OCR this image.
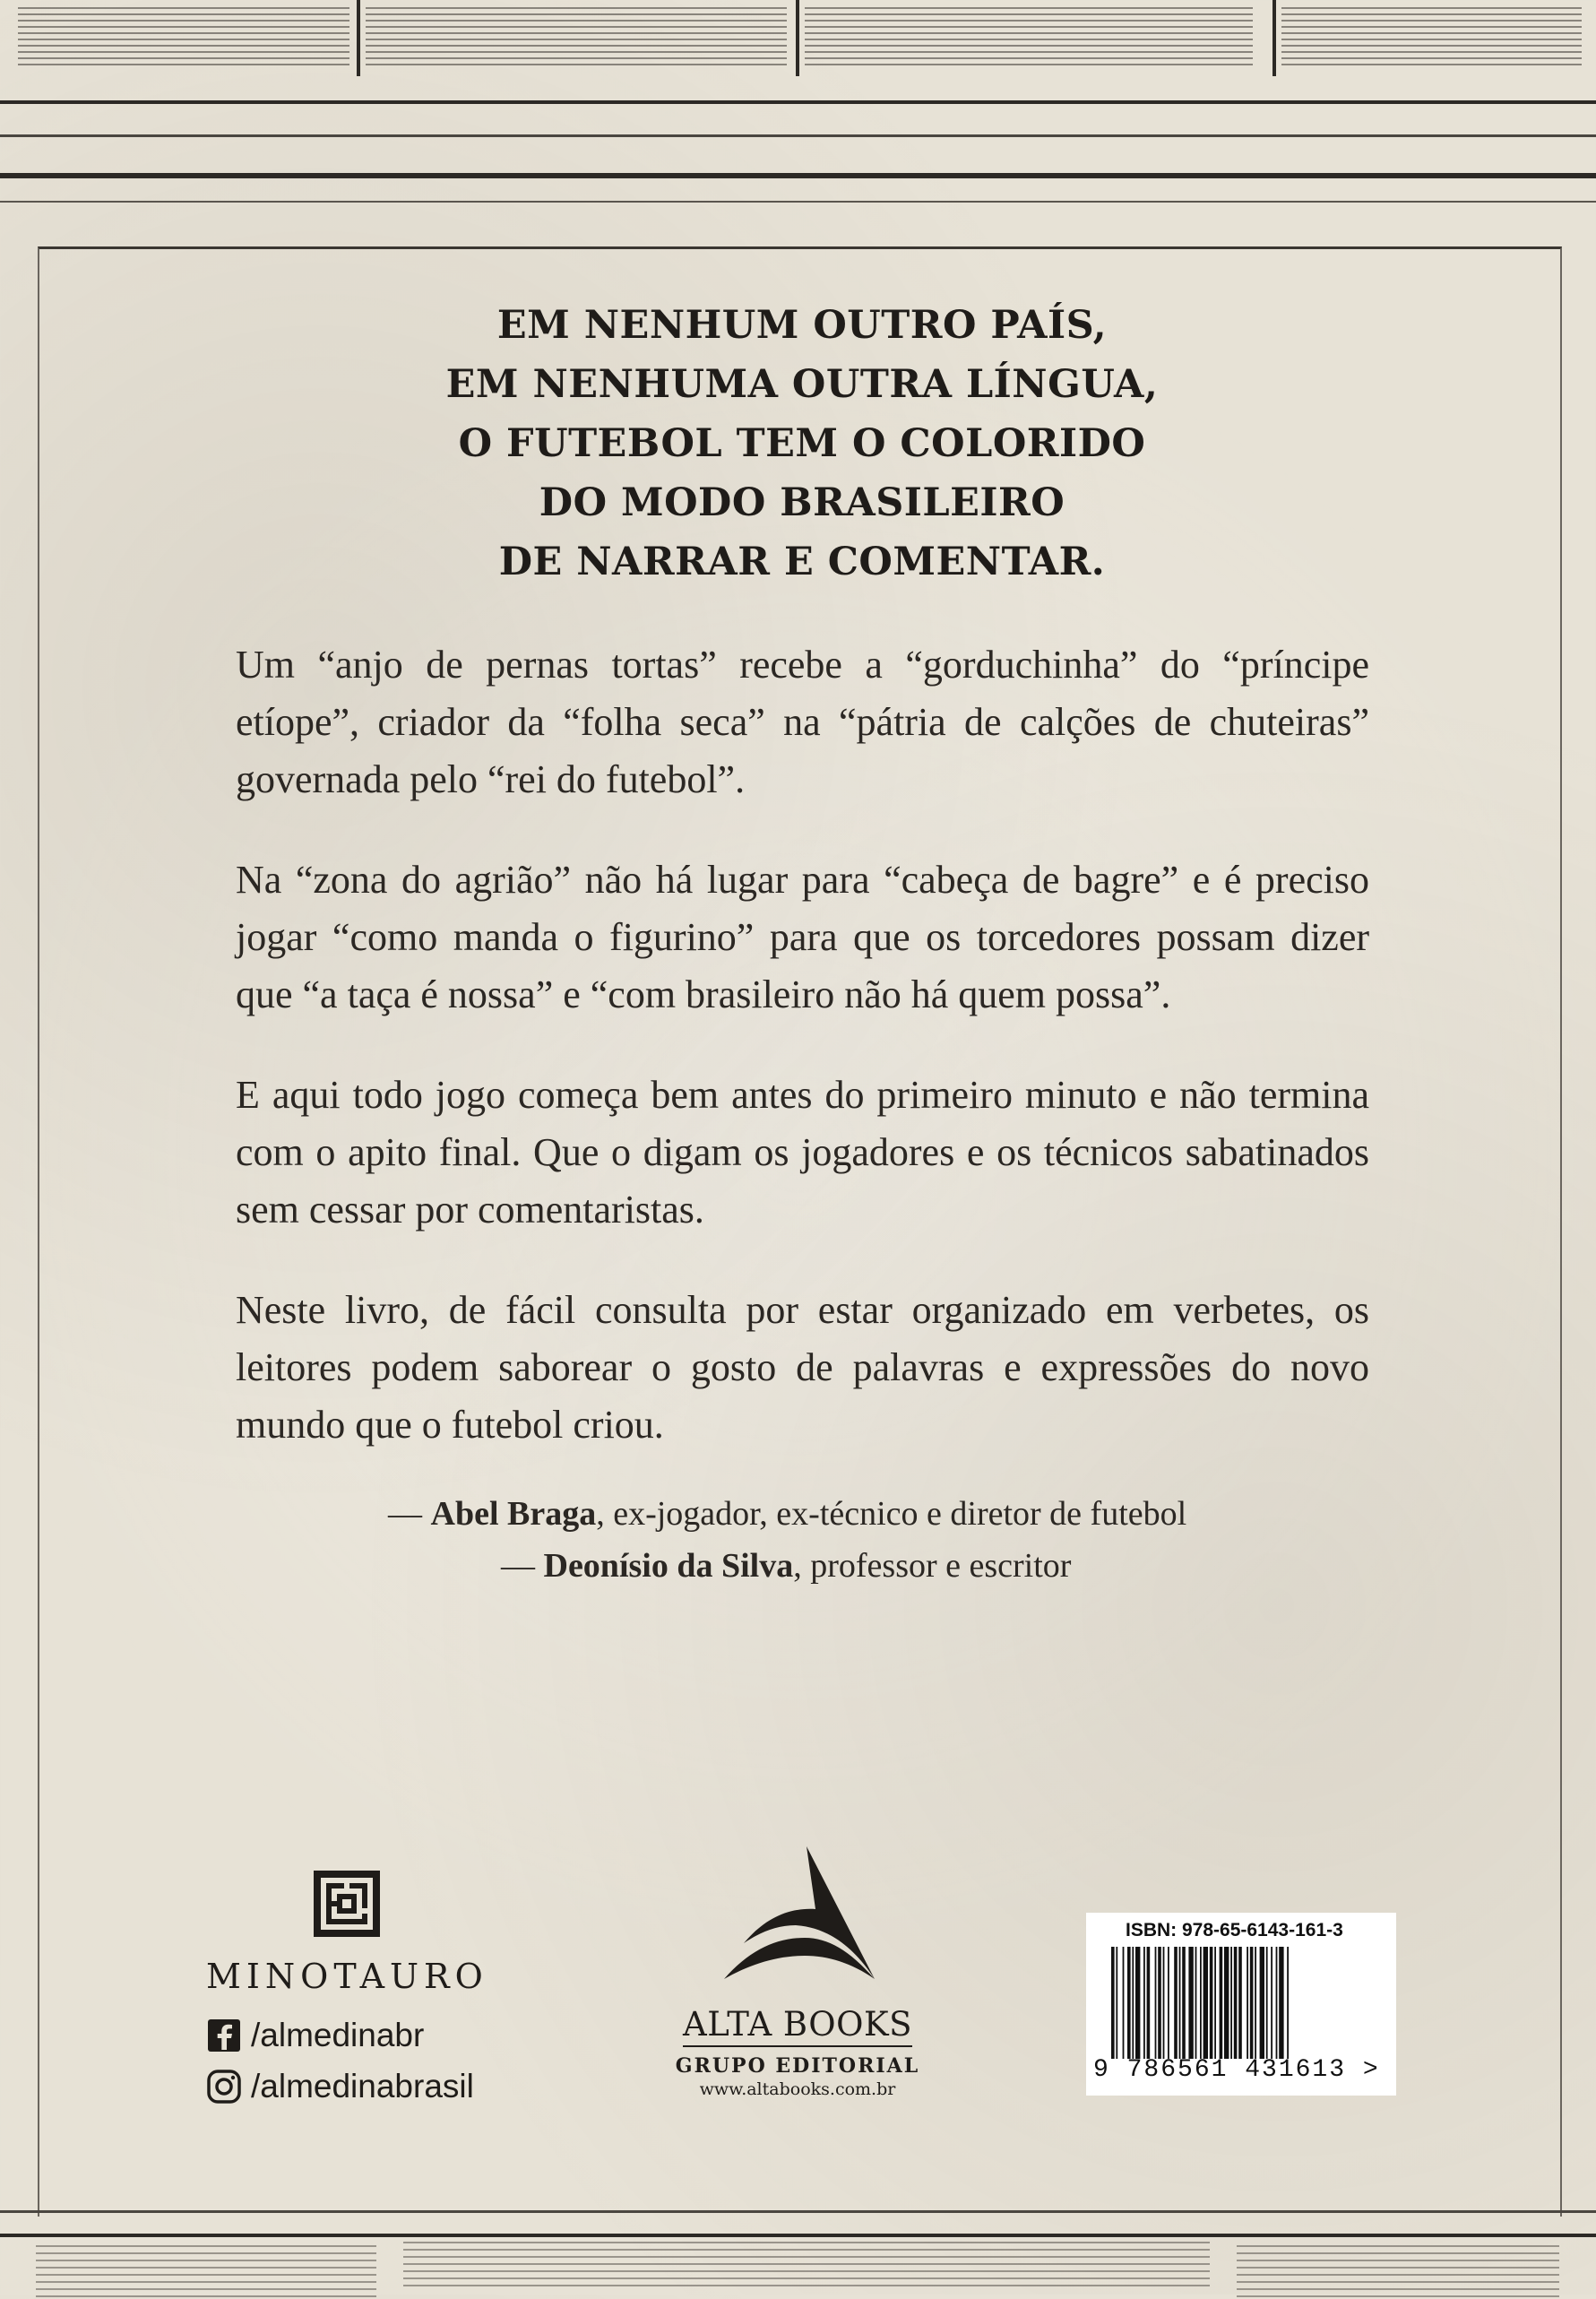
EM NENHUM OUTRO PAÍS,
EM NENHUMA OUTRA LÍNGUA,
O FUTEBOL TEM O COLORIDO
DO MODO BRASILEIRO
DE NARRAR E COMENTAR.

Um “anjo de pernas tortas” recebe a “gorduchinha” do “príncipe etíope”, criador da “folha seca” na “pátria de calções de chuteiras” governada pelo “rei do futebol”.

Na “zona do agrião” não há lugar para “cabeça de bagre” e é preciso jogar “como manda o figurino” para que os torcedores possam dizer que “a taça é nossa” e “com brasileiro não há quem possa”.

E aqui todo jogo começa bem antes do primeiro minuto e não termina com o apito final. Que o digam os jogadores e os técnicos sabatinados sem cessar por comentaristas.

Neste livro, de fácil consulta por estar organizado em verbetes, os leitores podem saborear o gosto de palavras e expressões do novo mundo que o futebol criou.

— Abel Braga, ex-jogador, ex-técnico e diretor de futebol
— Deonísio da Silva, professor e escritor
MINOTAURO
/almedinabr
/almedinabrasil
ALTA BOOKS
GRUPO EDITORIAL
www.altabooks.com.br
ISBN: 978-65-6143-161-3
9 786561 431613 >
